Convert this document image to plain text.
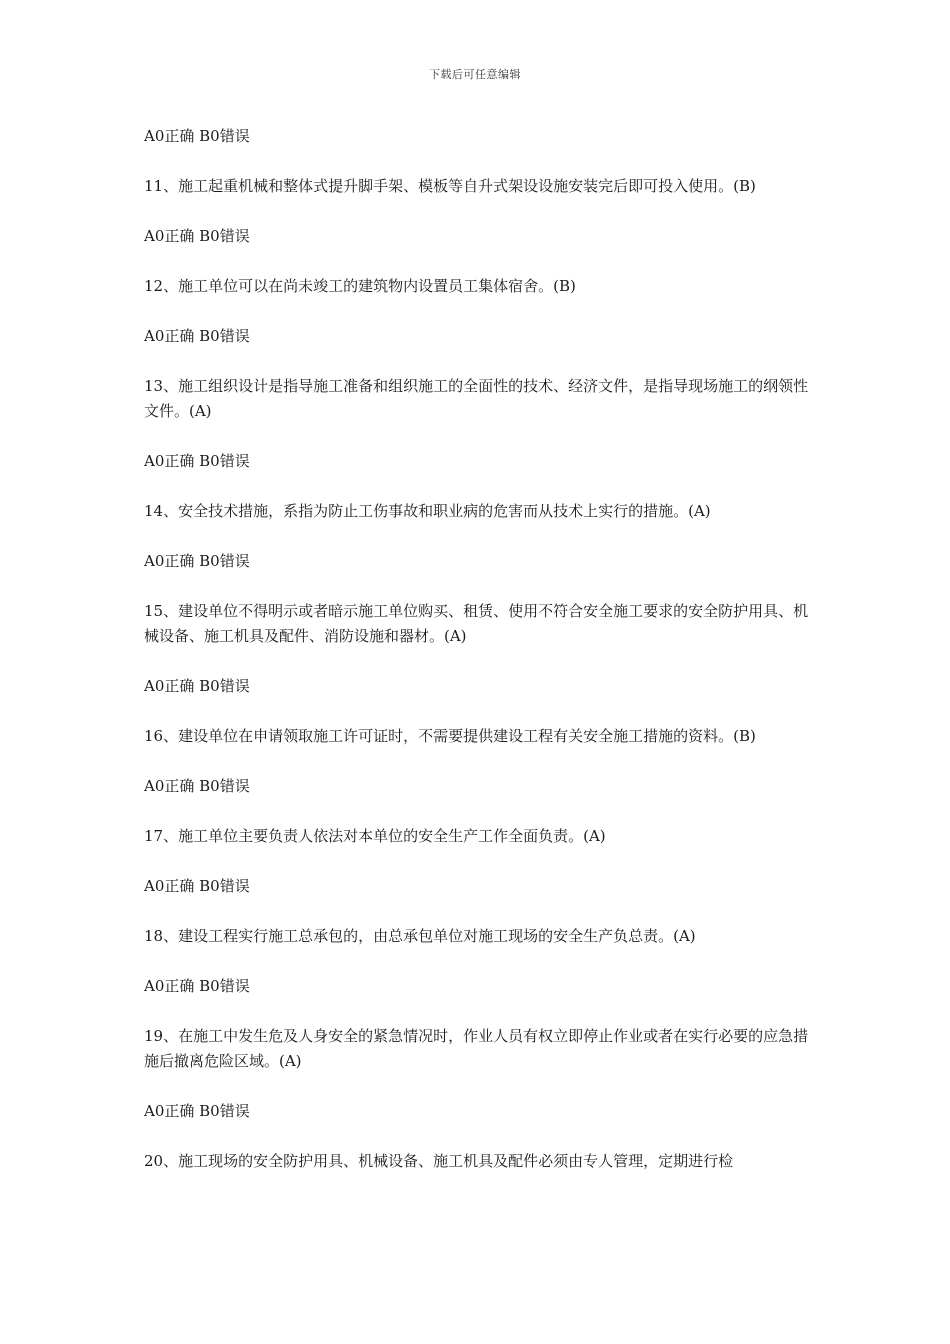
下载后可任意编辑

A0正确 B0错误

11、施工起重机械和整体式提升脚手架、模板等自升式架设设施安装完后即可投入使用。(B)

A0正确 B0错误

12、施工单位可以在尚未竣工的建筑物内设置员工集体宿舍。(B)

A0正确 B0错误

13、施工组织设计是指导施工准备和组织施工的全面性的技术、经济文件，是指导现场施工的纲领性文件。(A)

A0正确 B0错误

14、安全技术措施，系指为防止工伤事故和职业病的危害而从技术上实行的措施。(A)

A0正确 B0错误

15、建设单位不得明示或者暗示施工单位购买、租赁、使用不符合安全施工要求的安全防护用具、机械设备、施工机具及配件、消防设施和器材。(A)

A0正确 B0错误

16、建设单位在申请领取施工许可证时，不需要提供建设工程有关安全施工措施的资料。(B)

A0正确 B0错误

17、施工单位主要负责人依法对本单位的安全生产工作全面负责。(A)

A0正确 B0错误

18、建设工程实行施工总承包的，由总承包单位对施工现场的安全生产负总责。(A)

A0正确 B0错误

19、在施工中发生危及人身安全的紧急情况时，作业人员有权立即停止作业或者在实行必要的应急措施后撤离危险区域。(A)

A0正确 B0错误

20、施工现场的安全防护用具、机械设备、施工机具及配件必须由专人管理，定期进行检
